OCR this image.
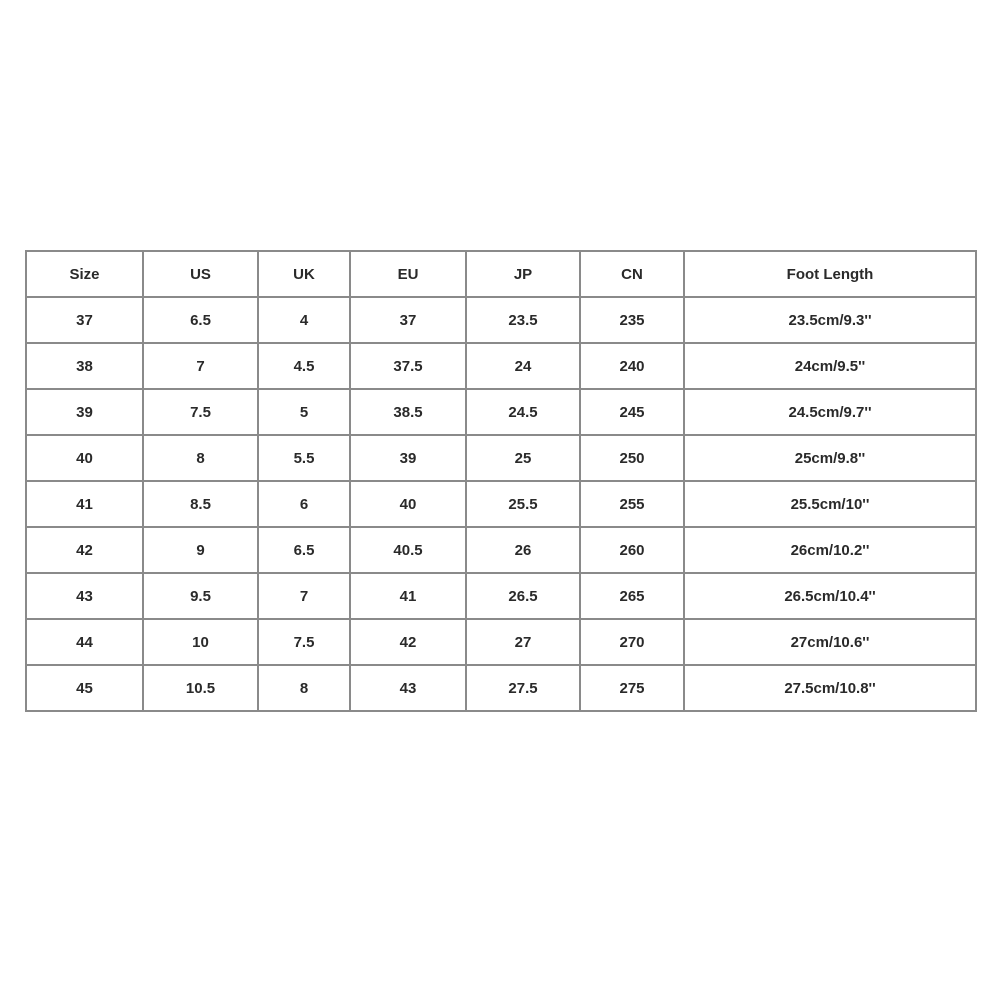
Size	US	UK	EU	JP	CN	Foot Length
37	6.5	4	37	23.5	235	23.5cm/9.3''
38	7	4.5	37.5	24	240	24cm/9.5''
39	7.5	5	38.5	24.5	245	24.5cm/9.7''
40	8	5.5	39	25	250	25cm/9.8''
41	8.5	6	40	25.5	255	25.5cm/10''
42	9	6.5	40.5	26	260	26cm/10.2''
43	9.5	7	41	26.5	265	26.5cm/10.4''
44	10	7.5	42	27	270	27cm/10.6''
45	10.5	8	43	27.5	275	27.5cm/10.8''
